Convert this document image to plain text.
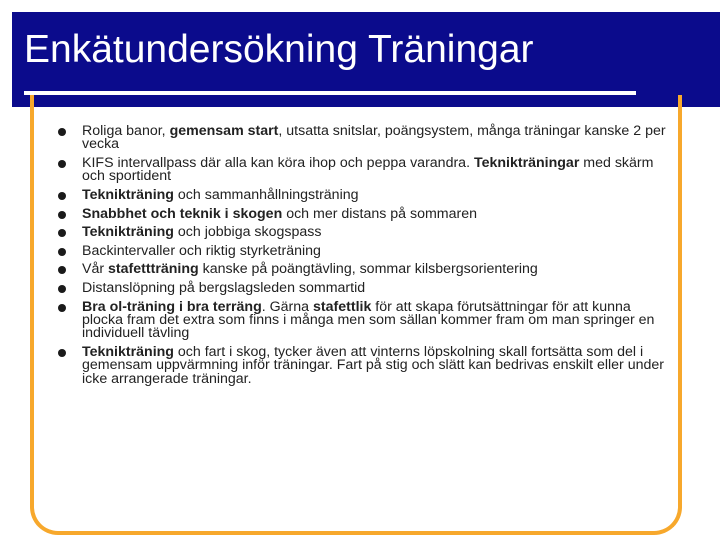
Enkätundersökning Träningar
Roliga banor, gemensam start, utsatta snitslar, poängsystem, många träningar kanske 2 per vecka
KIFS intervallpass där alla kan köra ihop och peppa varandra. Teknikträningar med skärm och sportident
Teknikträning och sammanhållningsträning
Snabbhet och teknik i skogen och mer distans på sommaren
Teknikträning och jobbiga skogspass
Backintervaller och riktig styrketräning
Vår stafettträning kanske på poängtävling, sommar kilsbergsorientering
Distanslöpning på bergslagsleden sommartid
Bra ol-träning i bra terräng. Gärna stafettlik för att skapa förutsättningar för att kunna plocka fram det extra som finns i många men som sällan kommer fram om man springer en individuell tävling
Teknikträning och fart i skog, tycker även att vinterns löpskolning skall fortsätta som del i gemensam uppvärmning inför träningar. Fart på stig och slätt kan bedrivas enskilt eller under icke arrangerade träningar.
